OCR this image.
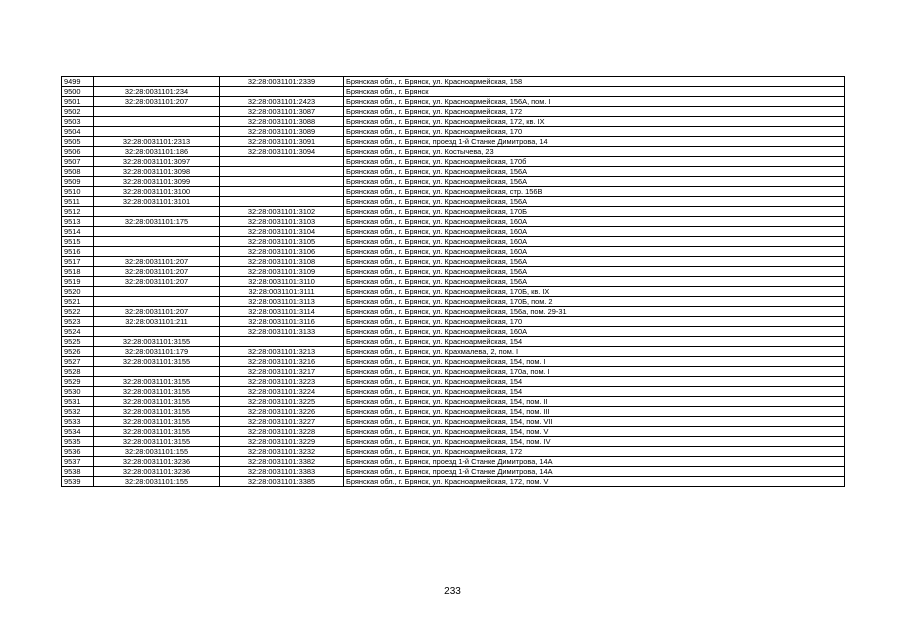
9499		32:28:0031101:2339	Брянская обл., г. Брянск, ул. Красноармейская, 158
9500	32:28:0031101:234		Брянская обл., г. Брянск
9501	32:28:0031101:207	32:28:0031101:2423	Брянская обл., г. Брянск, ул. Красноармейская, 156А, пом. I
9502		32:28:0031101:3087	Брянская обл., г. Брянск, ул. Красноармейская, 172
9503		32:28:0031101:3088	Брянская обл., г. Брянск, ул. Красноармейская, 172, кв. IX
9504		32:28:0031101:3089	Брянская обл., г. Брянск, ул. Красноармейская, 170
9505	32:28:0031101:2313	32:28:0031101:3091	Брянская обл., г. Брянск, проезд 1-й Станке Димитрова, 14
9506	32:28:0031101:186	32:28:0031101:3094	Брянская обл., г. Брянск, ул. Костычева, 23
9507	32:28:0031101:3097		Брянская обл., г. Брянск, ул. Красноармейская, 170б
9508	32:28:0031101:3098		Брянская обл., г. Брянск, ул. Красноармейская, 156А
9509	32:28:0031101:3099		Брянская обл., г. Брянск, ул. Красноармейская, 156А
9510	32:28:0031101:3100		Брянская обл., г. Брянск, ул. Красноармейская, стр. 156В
9511	32:28:0031101:3101		Брянская обл., г. Брянск, ул. Красноармейская, 156А
9512		32:28:0031101:3102	Брянская обл., г. Брянск, ул. Красноармейская, 170Б
9513	32:28:0031101:175	32:28:0031101:3103	Брянская обл., г. Брянск, ул. Красноармейская, 160А
9514		32:28:0031101:3104	Брянская обл., г. Брянск, ул. Красноармейская, 160А
9515		32:28:0031101:3105	Брянская обл., г. Брянск, ул. Красноармейская, 160А
9516		32:28:0031101:3106	Брянская обл., г. Брянск, ул. Красноармейская, 160А
9517	32:28:0031101:207	32:28:0031101:3108	Брянская обл., г. Брянск, ул. Красноармейская, 156А
9518	32:28:0031101:207	32:28:0031101:3109	Брянская обл., г. Брянск, ул. Красноармейская, 156А
9519	32:28:0031101:207	32:28:0031101:3110	Брянская обл., г. Брянск, ул. Красноармейская, 156А
9520		32:28:0031101:3111	Брянская обл., г. Брянск, ул. Красноармейская, 170Б, кв. IX
9521		32:28:0031101:3113	Брянская обл., г. Брянск, ул. Красноармейская, 170Б, пом. 2
9522	32:28:0031101:207	32:28:0031101:3114	Брянская обл., г. Брянск, ул. Красноармейская, 156а, пом. 29-31
9523	32:28:0031101:211	32:28:0031101:3116	Брянская обл., г. Брянск, ул. Красноармейская, 170
9524		32:28:0031101:3133	Брянская обл., г. Брянск, ул. Красноармейская, 160А
9525	32:28:0031101:3155		Брянская обл., г. Брянск, ул. Красноармейская, 154
9526	32:28:0031101:179	32:28:0031101:3213	Брянская обл., г. Брянск, ул. Крахмалева, 2, пом. I
9527	32:28:0031101:3155	32:28:0031101:3216	Брянская обл., г. Брянск, ул. Красноармейская, 154, пом. I
9528		32:28:0031101:3217	Брянская обл., г. Брянск, ул. Красноармейская, 170а, пом. I
9529	32:28:0031101:3155	32:28:0031101:3223	Брянская обл., г. Брянск, ул. Красноармейская, 154
9530	32:28:0031101:3155	32:28:0031101:3224	Брянская обл., г. Брянск, ул. Красноармейская, 154
9531	32:28:0031101:3155	32:28:0031101:3225	Брянская обл., г. Брянск, ул. Красноармейская, 154, пом. II
9532	32:28:0031101:3155	32:28:0031101:3226	Брянская обл., г. Брянск, ул. Красноармейская, 154, пом. III
9533	32:28:0031101:3155	32:28:0031101:3227	Брянская обл., г. Брянск, ул. Красноармейская, 154, пом. VII
9534	32:28:0031101:3155	32:28:0031101:3228	Брянская обл., г. Брянск, ул. Красноармейская, 154, пом. V
9535	32:28:0031101:3155	32:28:0031101:3229	Брянская обл., г. Брянск, ул. Красноармейская, 154, пом. IV
9536	32:28:0031101:155	32:28:0031101:3232	Брянская обл., г. Брянск, ул. Красноармейская, 172
9537	32:28:0031101:3236	32:28:0031101:3382	Брянская обл., г. Брянск, проезд 1-й Станке Димитрова, 14А
9538	32:28:0031101:3236	32:28:0031101:3383	Брянская обл., г. Брянск, проезд 1-й Станке Димитрова, 14А
9539	32:28:0031101:155	32:28:0031101:3385	Брянская обл., г. Брянск, ул. Красноармейская, 172, пом. V
233
